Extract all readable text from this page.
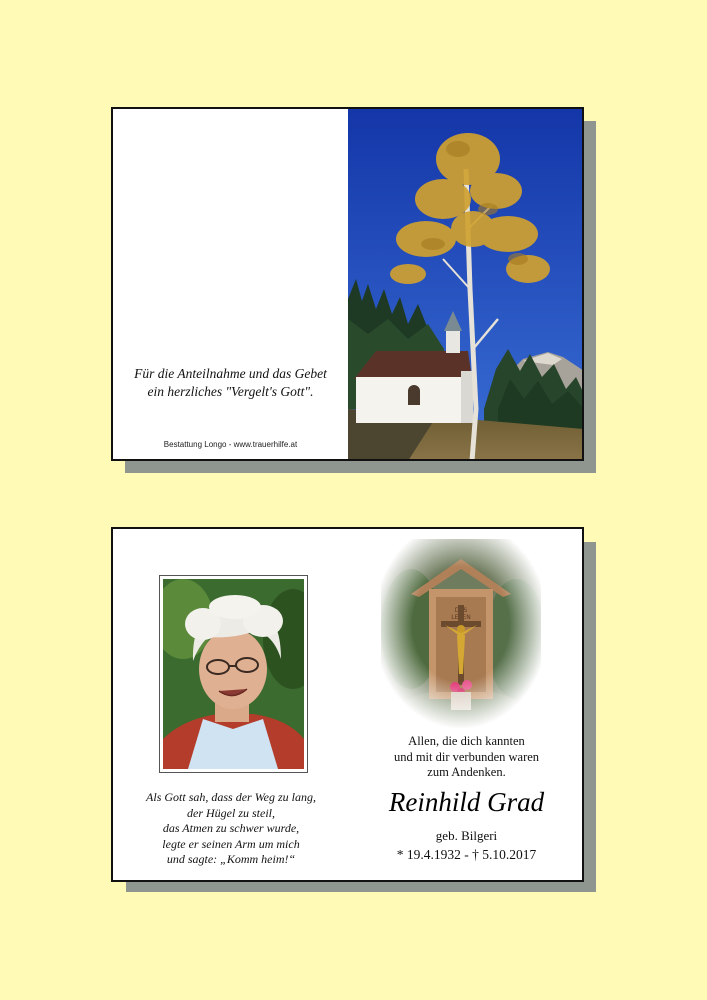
Für die Anteilnahme und das Gebet
ein herzliches "Vergelt's Gott".
Bestattung Longo - www.trauerhilfe.at
Als Gott sah, dass der Weg zu lang,
der Hügel zu steil,
das Atmen zu schwer wurde,
legte er seinen Arm um mich
und sagte: „Komm heim!“
Allen, die dich kannten
und mit dir verbunden waren
zum Andenken.
Reinhild Grad
geb. Bilgeri
* 19.4.1932 - † 5.10.2017
